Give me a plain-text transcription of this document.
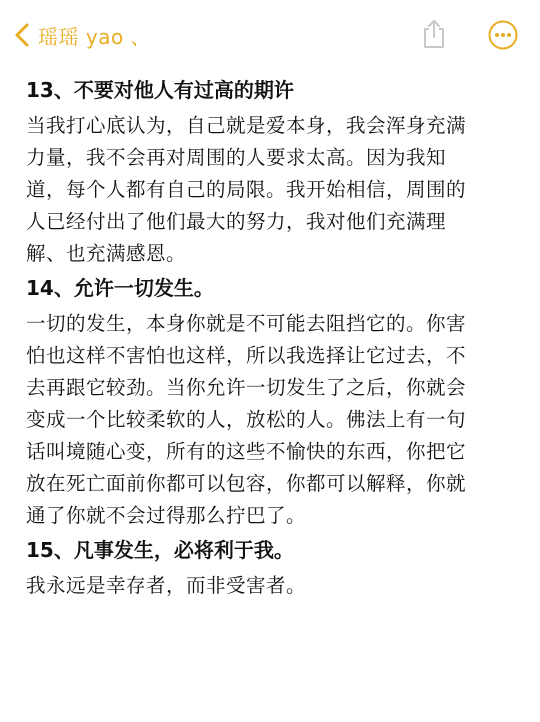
瑶瑶 yao 、
13、不要对他人有过高的期许
当我打心底认为，自己就是爱本身，我会浑身充满
力量，我不会再对周围的人要求太高。因为我知
道，每个人都有自己的局限。我开始相信，周围的
人已经付出了他们最大的努力，我对他们充满理
解、也充满感恩。
14、允许一切发生。
一切的发生，本身你就是不可能去阻挡它的。你害
怕也这样不害怕也这样，所以我选择让它过去，不
去再跟它较劲。当你允许一切发生了之后，你就会
变成一个比较柔软的人，放松的人。佛法上有一句
话叫境随心变，所有的这些不愉快的东西，你把它
放在死亡面前你都可以包容，你都可以解释，你就
通了你就不会过得那么拧巴了。
15、凡事发生，必将利于我。
我永远是幸存者，而非受害者。
